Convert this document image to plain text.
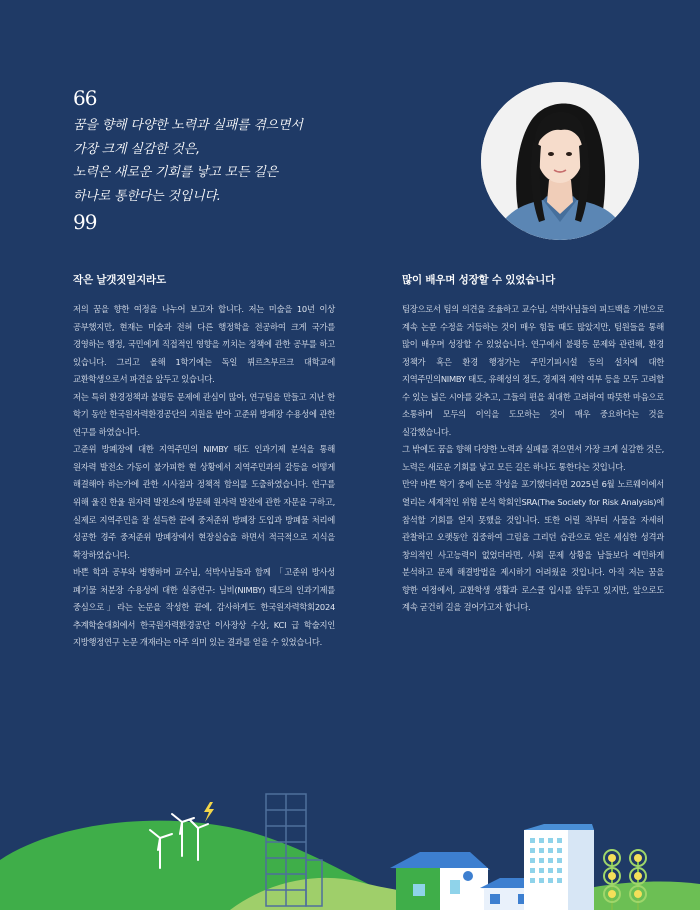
66
꿈을 향해 다양한 노력과 실패를 겪으면서
가장 크게 실감한 것은,
노력은 새로운 기회를 낳고 모든 길은
하나로 통한다는 것입니다.
99
작은 날갯짓일지라도

저의 꿈을 향한 여정을 나누어 보고자 합니다. 저는 미술을 10년 이상 공부했지만, 현재는 미술과 전혀 다른 행정학을 전공하여 크게 국가를 경영하는 행정, 국민에게 직접적인 영향을 끼치는 정책에 관한 공부를 하고 있습니다. 그리고 올해 1학기에는 독일 뷔르츠부르크 대학교에 교환학생으로서 파견을 앞두고 있습니다.

저는 특히 환경정책과 불평등 문제에 관심이 많아, 연구팀을 만들고 지난 한 학기 동안 한국원자력환경공단의 지원을 받아 고준위 방폐장 수용성에 관한 연구를 하였습니다.

고준위 방폐장에 대한 지역주민의 NIMBY 태도 인과기제 분석을 통해 원자력 발전소 가동이 불가피한 현 상황에서 지역주민과의 갈등을 어떻게 해결해야 하는가에 관한 시사점과 정책적 함의를 도출하였습니다. 연구를 위해 울진 한울 원자력 발전소에 방문해 원자력 발전에 관한 자문을 구하고, 실제로 지역주민을 잘 설득한 끝에 중저준위 방폐장 도입과 방폐물 처리에 성공한 경주 중저준위 방폐장에서 현장실습을 하면서 적극적으로 지식을 확장하였습니다.

바쁜 학과 공부와 병행하며 교수님, 석박사님들과 함께 「고준위 방사성 폐기물 처분장 수용성에 대한 실증연구: 님비(NIMBY) 태도의 인과기제를 중심으로」라는 논문을 작성한 끝에, 감사하게도 한국원자력학회2024 추계학술대회에서 한국원자력환경공단 이사장상 수상, KCI 급 학술지인 지방행정연구 논문 개재라는 아주 의미 있는 결과를 얻을 수 있었습니다.

많이 배우며 성장할 수 있었습니다

팀장으로서 팀의 의견을 조율하고 교수님, 석박사님들의 피드백을 기반으로 계속 논문 수정을 거듭하는 것이 매우 힘들 때도 많았지만, 팀원들을 통해 많이 배우며 성장할 수 있었습니다. 연구에서 불평등 문제와 관련해, 환경 정책가 혹은 환경 행정가는 주민기피시설 등의 설치에 대한 지역주민의NIMBY 태도, 유해성의 정도, 경제적 제약 여부 등을 모두 고려할 수 있는 넓은 시야를 갖추고, 그들의 편을 최대한 고려하여 따뜻한 마음으로 소통하며 모두의 이익을 도모하는 것이 매우 중요하다는 것을 실감했습니다.

그 밖에도 꿈을 향해 다양한 노력과 실패를 겪으면서 가장 크게 실감한 것은, 노력은 새로운 기회를 낳고 모든 길은 하나도 통한다는 것입니다.

만약 바쁜 학기 중에 논문 작성을 포기했더라면 2025년 6월 노르웨이에서 열리는 세계적인 위험 분석 학회인SRA(The Society for Risk Analysis)에 참석할 기회를 얻지 못했을 것입니다. 또한 어릴 적부터 사물을 자세히 관찰하고 오랫동안 집중하여 그림을 그리던 습관으로 얻은 세심한 성격과 창의적인 사고능력이 없었더라면, 사회 문제 상황을 남들보다 예민하게 분석하고 문제 해결방법을 제시하기 어려웠을 것입니다. 아직 저는 꿈을 향한 여정에서, 교환학생 생활과 로스쿨 입시를 앞두고 있지만, 앞으로도 계속 굳건히 길을 걸어가고자 합니다.
